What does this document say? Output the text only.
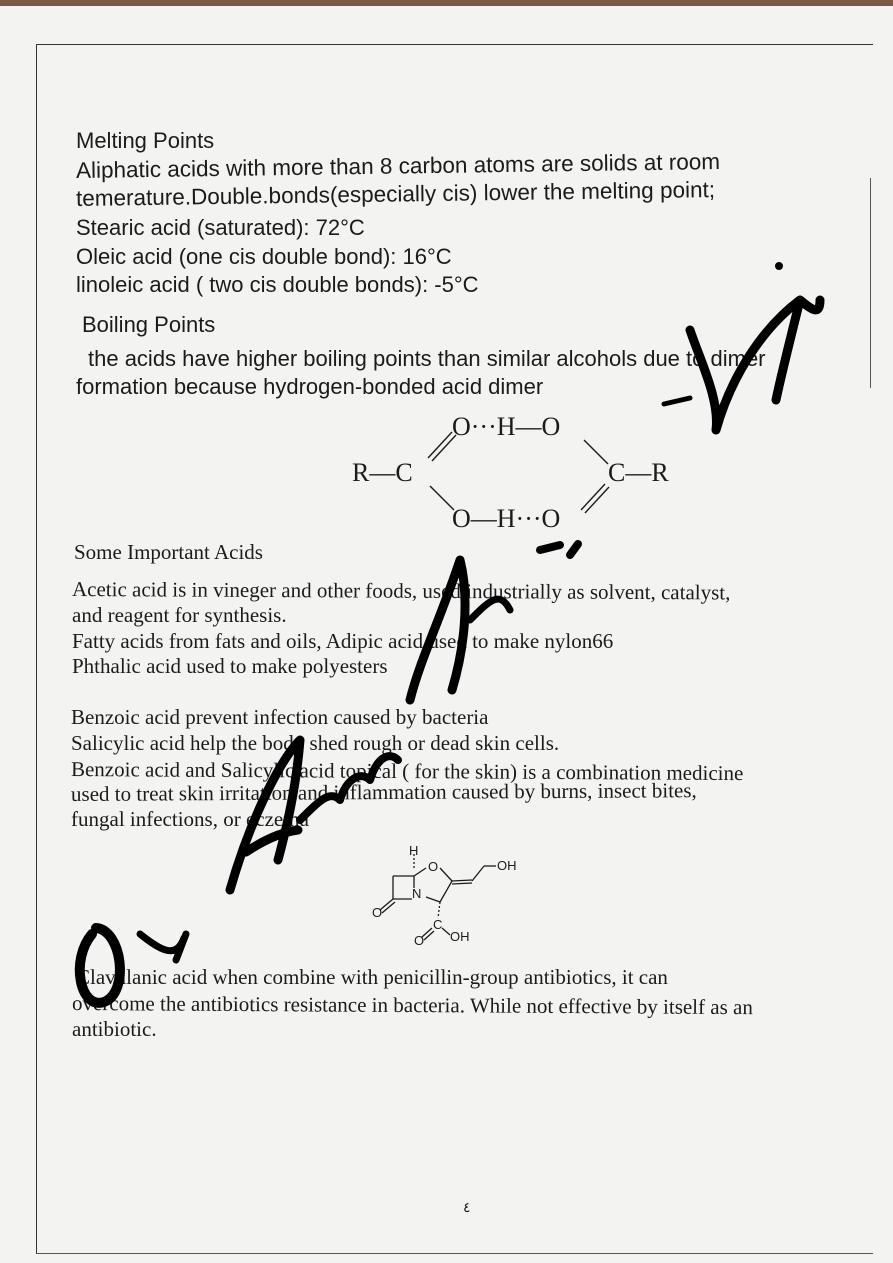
Melting Points
Aliphatic acids with more than 8 carbon atoms are solids at room
temerature.Double.bonds(especially cis) lower the melting point;
Stearic acid (saturated): 72°C
Oleic acid (one cis double bond): 16°C
linoleic acid ( two cis double bonds): -5°C
Boiling Points
the acids have higher boiling points than similar alcohols due to dimer
formation because hydrogen-bonded acid dimer
O···H—O
R—C	C—R
O—H···O
Some Important Acids
Acetic acid is in vineger and other foods, used industrially as solvent, catalyst,
and reagent for synthesis.
Fatty acids from fats and oils, Adipic acid used to make nylon66
Phthalic acid used to make polyesters
Benzoic acid prevent infection caused by bacteria
Salicylic acid help the body shed rough or dead skin cells.
Benzoic acid and Salicylic acid topical ( for the skin) is a combination medicine
used to treat skin irritation and inflammation caused by burns, insect bites,
fungal infections, or eczema
H
O
N
OH
O
C
O OH
Clavulanic acid when combine with penicillin-group antibiotics, it can
overcome the antibiotics resistance in bacteria. While not effective by itself as an
antibiotic.
٤
